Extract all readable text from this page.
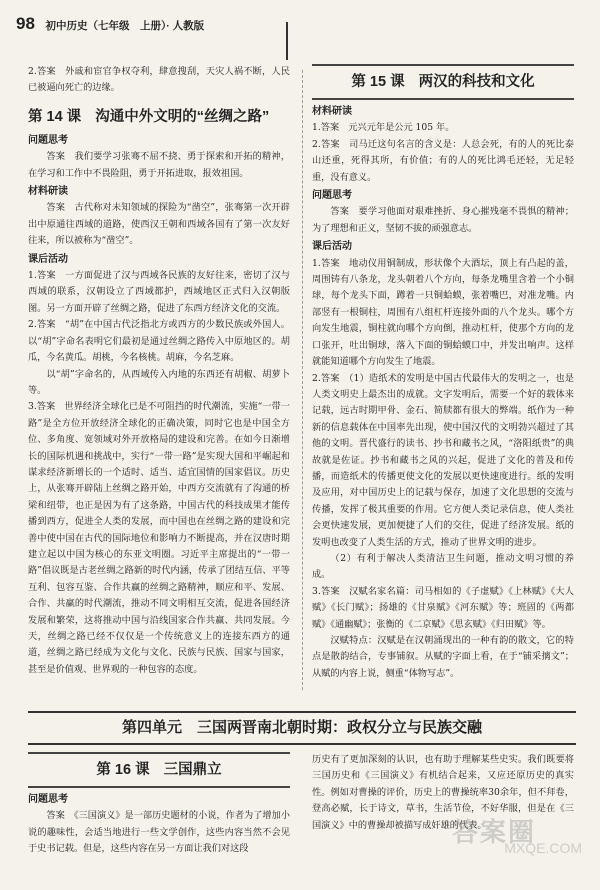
98 初中历史（七年级　上册）· 人教版

2.答案　外戚和宦官争权夺利，肆意搜刮，天灾人祸不断，人民已被逼向死亡的边缘。

第 14 课 沟通中外文明的“丝绸之路”
问题思考

答案　我们要学习张骞不屈不挠、勇于探索和开拓的精神，在学习和工作中不畏险阻，勇于开拓进取，报效祖国。

材料研读

答案　古代称对未知领域的探险为“凿空”，张骞第一次开辟出中原通往西域的道路，使西汉王朝和西域各国有了第一次友好往来，所以被称为“凿空”。

课后活动

1.答案　一方面促进了汉与西域各民族的友好往来，密切了汉与西域的联系，汉朝设立了西域都护，西域地区正式归入汉朝版图。另一方面开辟了丝绸之路，促进了东西方经济文化的交流。

2.答案　“胡”在中国古代泛指北方或西方的少数民族或外国人。以“胡”字命名表明它们最初是通过丝绸之路传入中原地区的。胡瓜，今名黄瓜。胡桃，今名核桃。胡麻，今名芝麻。

以“胡”字命名的，从西域传入内地的东西还有胡椒、胡萝卜等。

3.答案　世界经济全球化已是不可阻挡的时代潮流，实施“一带一路”是全方位开放经济全球化的正确决策，同时它也是中国全方位、多角度、宽领域对外开放格局的建设和完善。在如今日渐增长的国际机遇和挑战中，实行“一带一路”是实现大国和平崛起和谋求经济新增长的一个适时、适当、适宜国情的国家倡议。历史上，从张骞开辟陆上丝绸之路开始，中西方交流就有了沟通的桥梁和纽带，也正是因为有了这条路，中国古代的科技成果才能传播到西方，促进全人类的发展，而中国也在丝绸之路的建设和完善中使中国在古代的国际地位和影响力不断提高，并在汉唐时期建立起以中国为核心的东亚文明圈。习近平主席提出的“一带一路”倡议既是古老丝绸之路新的时代内涵，传承了团结互信、平等互利、包容互鉴、合作共赢的丝绸之路精神，顺应和平、发展、合作、共赢的时代潮流，推动不同文明相互交流，促进各国经济发展和繁荣，这将推动中国与沿线国家合作共赢、共同发展。今天，丝绸之路已经不仅仅是一个传统意义上的连接东西方的通道，丝绸之路已经成为文化与文化、民族与民族、国家与国家，甚至是价值观、世界观的一种包容的态度。

第 15 课 两汉的科技和文化
材料研读

1.答案　元兴元年是公元 105 年。

2.答案　司马迁这句名言的含义是：人总会死，有的人的死比泰山还重，死得其所，有价值；有的人的死比鸿毛还轻，无足轻重，没有意义。

问题思考

答案　要学习他面对艰难挫折、身心摧残毫不畏惧的精神；为了理想和正义，坚韧不拔的顽强意志。

课后活动

1.答案　地动仪用铜制成，形状像个大酒坛，顶上有凸起的盖，周围铸有八条龙，龙头朝着八个方向，每条龙嘴里含着一个小铜球，每个龙头下面，蹲着一只铜蛤蟆，张着嘴巴，对准龙嘴。内部竖有一根铜柱，周围有八组杠杆连接外面的八个龙头。哪个方向发生地震，铜柱就向哪个方向倒，推动杠杆，使那个方向的龙口张开，吐出铜球，落入下面的铜蛤蟆口中，并发出响声。这样就能知道哪个方向发生了地震。

2.答案　（1）造纸术的发明是中国古代最伟大的发明之一，也是人类文明史上最杰出的成就。文字发明后，需要一个好的载体来记载，远古时期甲骨、金石、简牍都有很大的弊端。纸作为一种新的信息载体在中国率先出现，使中国汉代的文明勃兴超过了其他的文明。晋代盛行的读书、抄书和藏书之风，“洛阳纸贵”的典故就是佐证。抄书和藏书之风的兴起，促进了文化的普及和传播，而造纸术的传播更使文化的发展以更快速度进行。纸的发明及应用，对中国历史上的记载与保存，加速了文化思想的交流与传播，发挥了极其重要的作用。它方便人类记录信息，使人类社会更快速发展，更加便捷了人们的交往，促进了经济发展。纸的发明也改变了人类生活的方式，推动了世界文明的进步。

（2）有利于解决人类清洁卫生问题，推动文明习惯的养成。

3.答案　汉赋名家名篇：司马相如的《子虚赋》《上林赋》《大人赋》《长门赋》；扬雄的《甘泉赋》《河东赋》等；班固的《两都赋》《通幽赋》；张衡的《二京赋》《思玄赋》《归田赋》等。

汉赋特点：汉赋是在汉朝涌现出的一种有韵的散文，它的特点是散韵结合，专事铺叙。从赋的字面上看，在于“铺采摛文”；从赋的内容上说，侧重“体物写志”。

第四单元　三国两晋南北朝时期：政权分立与民族交融
第 16 课 三国鼎立
问题思考

答案　《三国演义》是一部历史题材的小说，作者为了增加小说的趣味性，会适当地进行一些文学创作，这些内容当然不会见于史书记载。但是，这些内容在另一方面让我们对这段

历史有了更加深刻的认识，也有助于理解某些史实。我们既要将三国历史和《三国演义》有机结合起来，又应还原历史的真实性。例如对曹操的评价，历史上的曹操统率30余年，但不拜卷，登高必赋，长于诗文，草书，生活节俭，不好华服，但是在《三国演义》中的曹操却被描写成奸雄的代表。

答案圈
MXQE.COM
